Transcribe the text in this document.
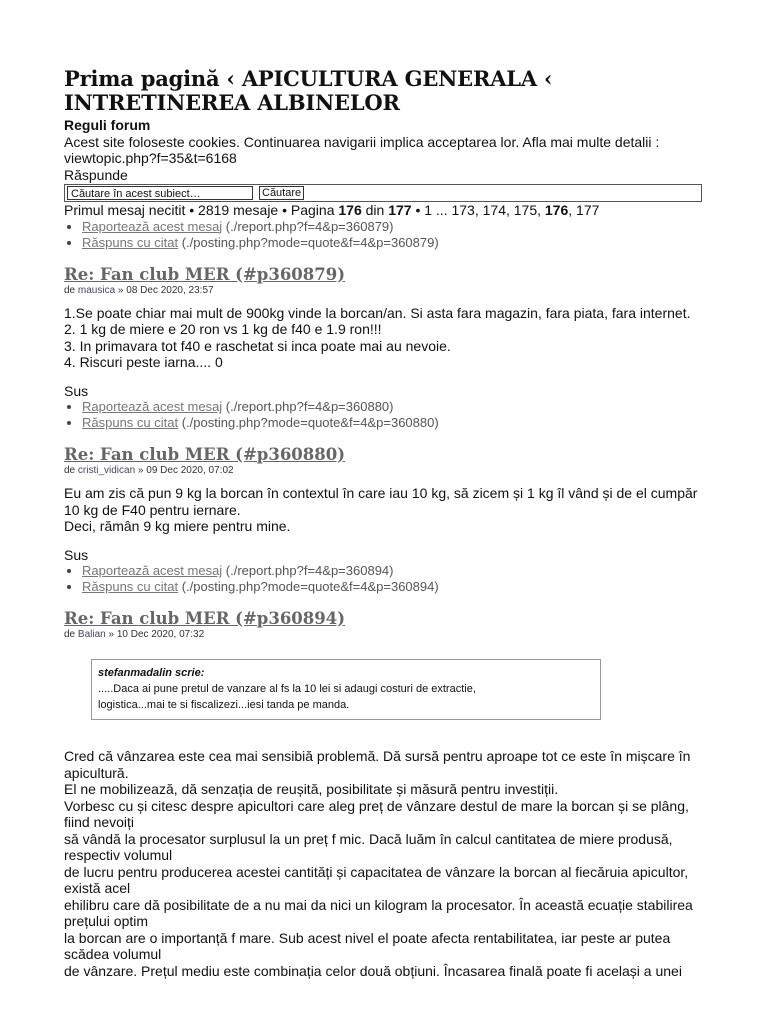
Prima pagină ‹ APICULTURA GENERALA ‹ INTRETINEREA ALBINELOR
Reguli forum
Acest site foloseste cookies. Continuarea navigarii implica acceptarea lor. Afla mai multe detalii :
viewtopic.php?f=35&t=6168
Răspunde
Căutare în acest subiect…	Căutare
Primul mesaj necitit • 2819 mesaje • Pagina 176 din 177 • 1 ... 173, 174, 175, 176, 177
• Raportează acest mesaj (./report.php?f=4&p=360879)
• Răspuns cu citat (./posting.php?mode=quote&f=4&p=360879)
Re: Fan club MER (#p360879)
de mausica » 08 Dec 2020, 23:57
1.Se poate chiar mai mult de 900kg vinde la borcan/an. Si asta fara magazin, fara piata, fara internet.
2. 1 kg de miere e 20 ron vs 1 kg de f40 e 1.9 ron!!!
3. In primavara tot f40 e raschetat si inca poate mai au nevoie.
4. Riscuri peste iarna.... 0
Sus
• Raportează acest mesaj (./report.php?f=4&p=360880)
• Răspuns cu citat (./posting.php?mode=quote&f=4&p=360880)
Re: Fan club MER (#p360880)
de cristi_vidican » 09 Dec 2020, 07:02
Eu am zis că pun 9 kg la borcan în contextul în care iau 10 kg, să zicem și 1 kg îl vând și de el cumpăr
10 kg de F40 pentru iernare.
Deci, rămân 9 kg miere pentru mine.
Sus
• Raportează acest mesaj (./report.php?f=4&p=360894)
• Răspuns cu citat (./posting.php?mode=quote&f=4&p=360894)
Re: Fan club MER (#p360894)
de Balian » 10 Dec 2020, 07:32
stefanmadalin scrie:
.....Daca ai pune pretul de vanzare al fs la 10 lei si adaugi costuri de extractie,
logistica...mai te si fiscalizezi...iesi tanda pe manda.
Cred că vânzarea este cea mai sensibiă problemă. Dă sursă pentru aproape tot ce este în mișcare în
apicultură.
El ne mobilizează, dă senzația de reușită, posibilitate și măsură pentru investiții.
Vorbesc cu și citesc despre apicultori care aleg preț de vânzare destul de mare la borcan și se plâng,
fiind nevoiți
să vândă la procesator surplusul la un preț f mic. Dacă luăm în calcul cantitatea de miere produsă,
respectiv volumul
de lucru pentru producerea acestei cantități și capacitatea de vânzare la borcan al fiecăruia apicultor,
există acel
ehilibru care dă posibilitate de a nu mai da nici un kilogram la procesator. În această ecuație stabilirea
prețului optim
la borcan are o importanță f mare. Sub acest nivel el poate afecta rentabilitatea, iar peste ar putea
scădea volumul
de vânzare. Prețul mediu este combinația celor două obțiuni. Încasarea finală poate fi același a unei
